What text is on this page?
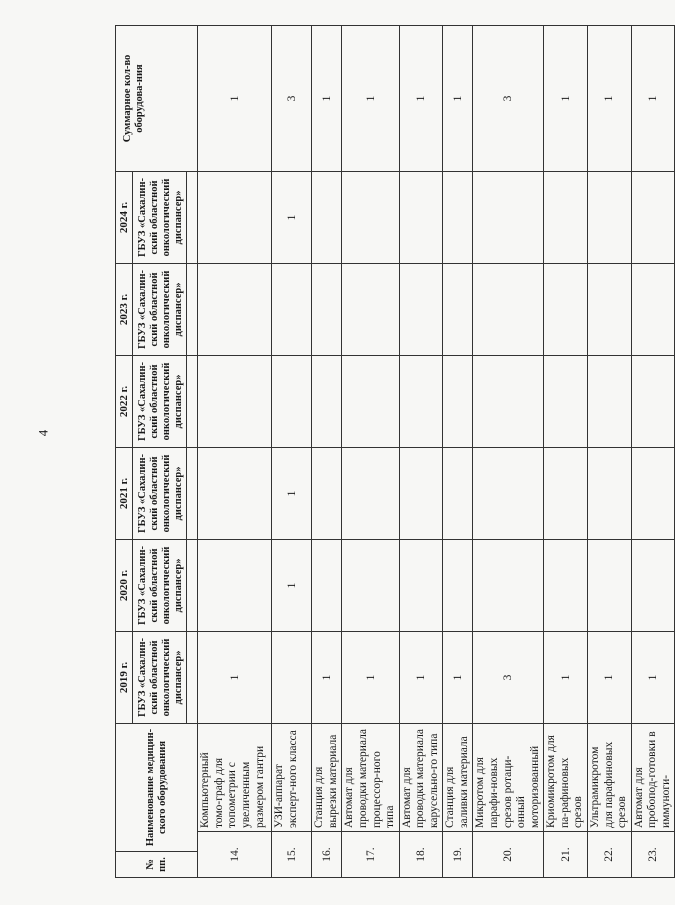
4
№ пп.	Наименование медицин-ского оборудования		2019 г.	2020 г.	2021 г.	2022 г.	2023 г.	2024 г.	Суммарное кол-во оборудова-ния
			ГБУЗ «Сахалин-ский областной онкологический диспансер»	ГБУЗ «Сахалин-ский областной онкологический диспансер»	ГБУЗ «Сахалин-ский областной онкологический диспансер»	ГБУЗ «Сахалин-ский областной онкологический диспансер»	ГБУЗ «Сахалин-ский областной онкологический диспансер»	ГБУЗ «Сахалин-ский областной онкологический диспансер»	

14.		Компьютерный томо-граф для топометрии с увеличенным размером гантри	1						1
15.		УЗИ-аппарат эксперт-ного класса		1	1			1	3
16.		Станция для вырезки материала	1						1
17.		Автомат для проводки материала процессор-ного типа	1						1
18.		Автомат для проводки материала карусельно-го типа	1						1
19.		Станция для заливки материала	1						1
20.		Микротом для парафи-новых срезов ротаци-онный моторизованный	3						3
21.		Криомикротом для па-рафиновых срезов	1						1
22.		Ультрамикротом для парафиновых срезов	1						1
23.		Автомат для пробопод-готовки в иммуноги-	1						1
